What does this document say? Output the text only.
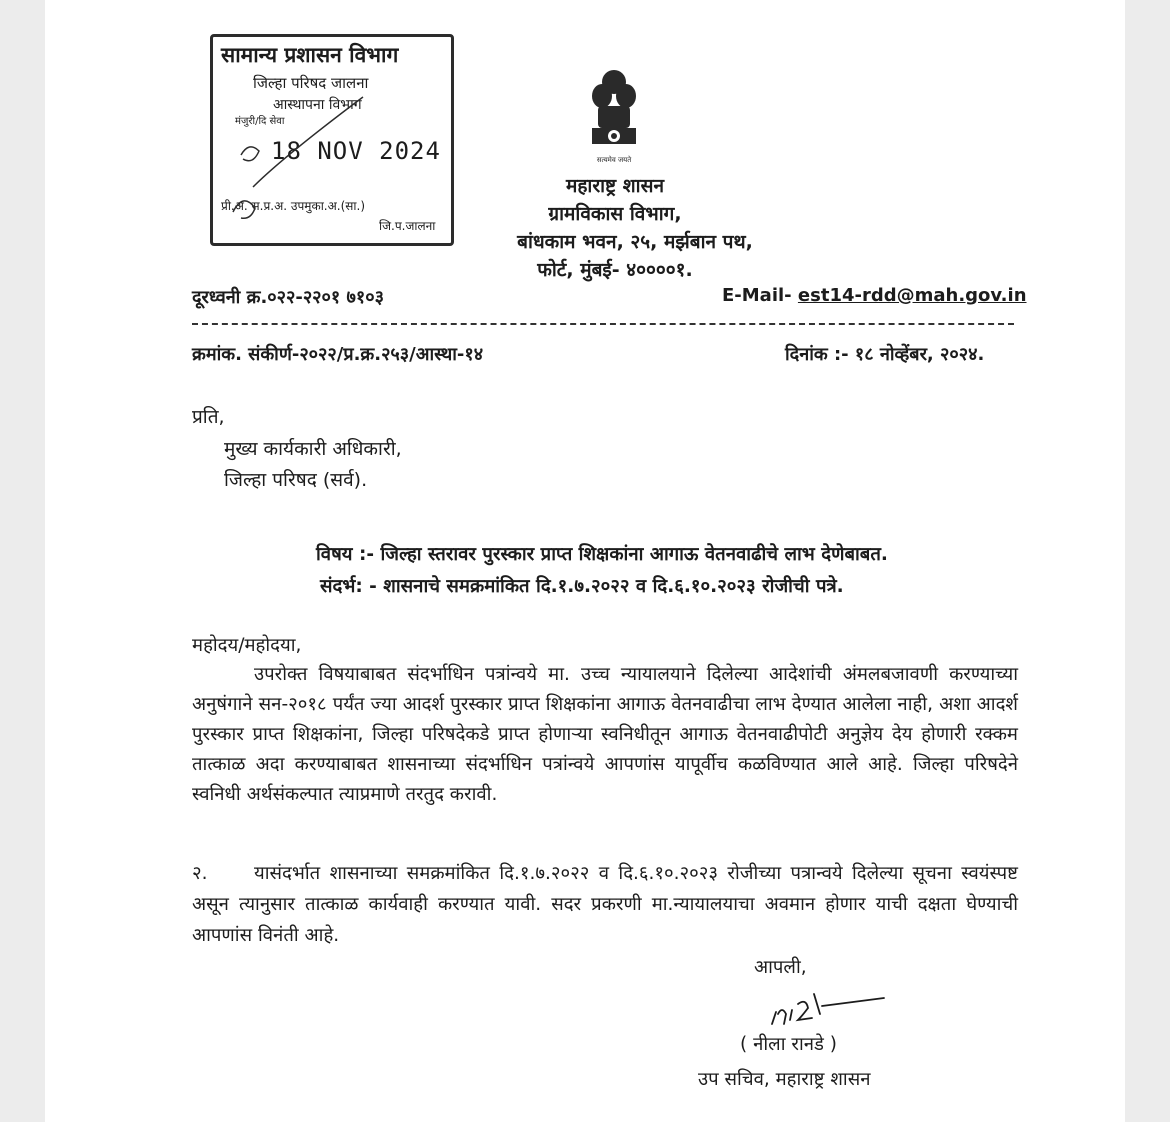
सामान्य प्रशासन विभाग
जिल्हा परिषद जालना
आस्थापना विभाग
मंजुरी/दि सेवा
18 NOV 2024
प्री.अ. स.प्र.अ. उपमुका.अ.(सा.)
जि.प.जालना
सत्यमेव जयते
महाराष्ट्र शासन
ग्रामविकास विभाग,
बांधकाम भवन, २५, मर्झबान पथ,
फोर्ट, मुंबई- ४००००१.
दूरध्वनी क्र.०२२-२२०१ ७१०३	E-Mail- est14-rdd@mah.gov.in
क्रमांक. संकीर्ण-२०२२/प्र.क्र.२५३/आस्था-१४	दिनांक :- १८ नोव्हेंबर, २०२४.
प्रति,
मुख्य कार्यकारी अधिकारी,
जिल्हा परिषद (सर्व).
विषय :- जिल्हा स्तरावर पुरस्कार प्राप्त शिक्षकांना आगाऊ वेतनवाढीचे लाभ देणेबाबत.
संदर्भ: - शासनाचे समक्रमांकित दि.१.७.२०२२ व दि.६.१०.२०२३ रोजीची पत्रे.
महोदय/महोदया,
उपरोक्त विषयाबाबत संदर्भाधिन पत्रांन्वये मा. उच्च न्यायालयाने दिलेल्या आदेशांची अंमलबजावणी करण्याच्या अनुषंगाने सन-२०१८ पर्यंत ज्या आदर्श पुरस्कार प्राप्त शिक्षकांना आगाऊ वेतनवाढीचा लाभ देण्यात आलेला नाही, अशा आदर्श पुरस्कार प्राप्त शिक्षकांना, जिल्हा परिषदेकडे प्राप्त होणाऱ्या स्वनिधीतून आगाऊ वेतनवाढीपोटी अनुज्ञेय देय होणारी रक्कम तात्काळ अदा करण्याबाबत शासनाच्या संदर्भाधिन पत्रांन्वये आपणांस यापूर्वीच कळविण्यात आले आहे. जिल्हा परिषदेने स्वनिधी अर्थसंकल्पात त्याप्रमाणे तरतुद करावी.
२.	यासंदर्भात शासनाच्या समक्रमांकित दि.१.७.२०२२ व दि.६.१०.२०२३ रोजीच्या पत्रान्वये दिलेल्या सूचना स्वयंस्पष्ट असून त्यानुसार तात्काळ कार्यवाही करण्यात यावी. सदर प्रकरणी मा.न्यायालयाचा अवमान होणार याची दक्षता घेण्याची आपणांस विनंती आहे.
आपली,
( नीला रानडे )
उप सचिव, महाराष्ट्र शासन
